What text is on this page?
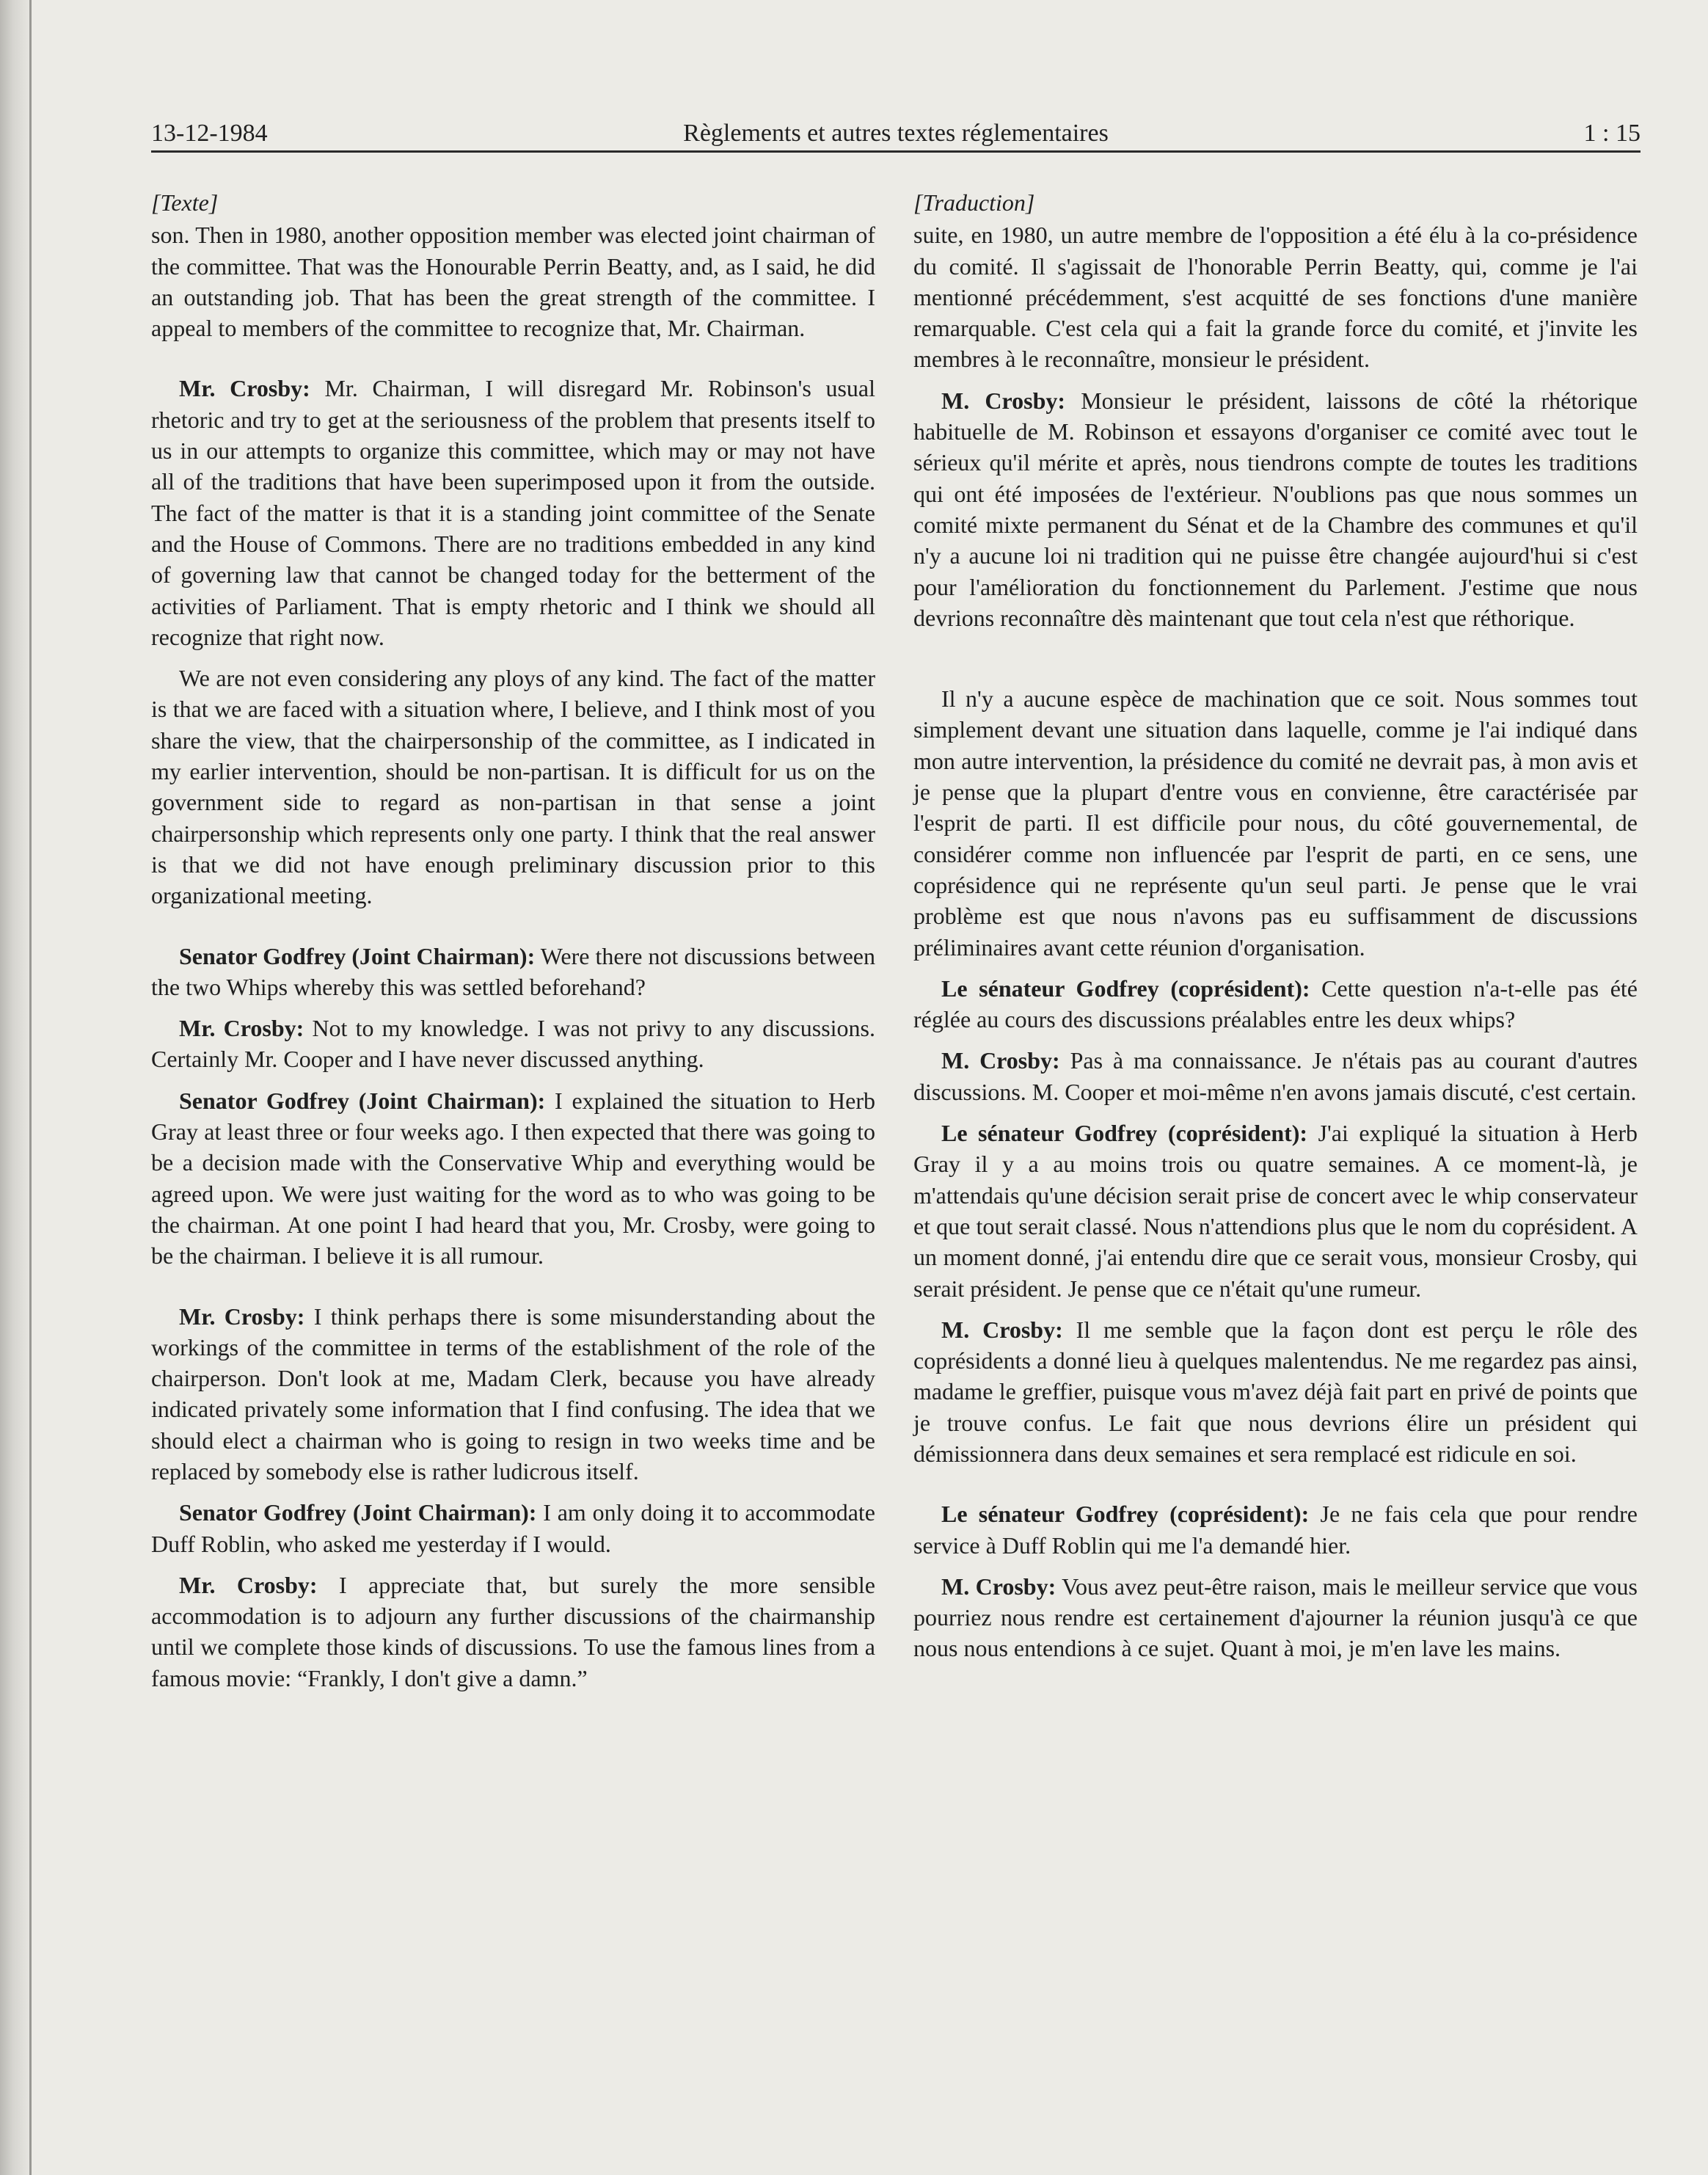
13-12-1984	Règlements et autres textes réglementaires	1 : 15
[Texte]

son. Then in 1980, another opposition member was elected joint chairman of the committee. That was the Honourable Perrin Beatty, and, as I said, he did an outstanding job. That has been the great strength of the committee. I appeal to members of the committee to recognize that, Mr. Chairman.

Mr. Crosby: Mr. Chairman, I will disregard Mr. Robinson's usual rhetoric and try to get at the seriousness of the problem that presents itself to us in our attempts to organize this committee, which may or may not have all of the traditions that have been superimposed upon it from the outside. The fact of the matter is that it is a standing joint committee of the Senate and the House of Commons. There are no traditions embedded in any kind of governing law that cannot be changed today for the betterment of the activities of Parliament. That is empty rhetoric and I think we should all recognize that right now.

We are not even considering any ploys of any kind. The fact of the matter is that we are faced with a situation where, I believe, and I think most of you share the view, that the chairpersonship of the committee, as I indicated in my earlier intervention, should be non-partisan. It is difficult for us on the government side to regard as non-partisan in that sense a joint chairpersonship which represents only one party. I think that the real answer is that we did not have enough preliminary discussion prior to this organizational meeting.

Senator Godfrey (Joint Chairman): Were there not discussions between the two Whips whereby this was settled beforehand?

Mr. Crosby: Not to my knowledge. I was not privy to any discussions. Certainly Mr. Cooper and I have never discussed anything.

Senator Godfrey (Joint Chairman): I explained the situation to Herb Gray at least three or four weeks ago. I then expected that there was going to be a decision made with the Conservative Whip and everything would be agreed upon. We were just waiting for the word as to who was going to be the chairman. At one point I had heard that you, Mr. Crosby, were going to be the chairman. I believe it is all rumour.

Mr. Crosby: I think perhaps there is some misunderstanding about the workings of the committee in terms of the establishment of the role of the chairperson. Don't look at me, Madam Clerk, because you have already indicated privately some information that I find confusing. The idea that we should elect a chairman who is going to resign in two weeks time and be replaced by somebody else is rather ludicrous itself.

Senator Godfrey (Joint Chairman): I am only doing it to accommodate Duff Roblin, who asked me yesterday if I would.

Mr. Crosby: I appreciate that, but surely the more sensible accommodation is to adjourn any further discussions of the chairmanship until we complete those kinds of discussions. To use the famous lines from a famous movie: “Frankly, I don't give a damn.”

[Traduction]

suite, en 1980, un autre membre de l'opposition a été élu à la co-présidence du comité. Il s'agissait de l'honorable Perrin Beatty, qui, comme je l'ai mentionné précédemment, s'est acquitté de ses fonctions d'une manière remarquable. C'est cela qui a fait la grande force du comité, et j'invite les membres à le reconnaître, monsieur le président.

M. Crosby: Monsieur le président, laissons de côté la rhétorique habituelle de M. Robinson et essayons d'organiser ce comité avec tout le sérieux qu'il mérite et après, nous tiendrons compte de toutes les traditions qui ont été imposées de l'extérieur. N'oublions pas que nous sommes un comité mixte permanent du Sénat et de la Chambre des communes et qu'il n'y a aucune loi ni tradition qui ne puisse être changée aujourd'hui si c'est pour l'amélioration du fonctionnement du Parlement. J'estime que nous devrions reconnaître dès maintenant que tout cela n'est que réthorique.

Il n'y a aucune espèce de machination que ce soit. Nous sommes tout simplement devant une situation dans laquelle, comme je l'ai indiqué dans mon autre intervention, la présidence du comité ne devrait pas, à mon avis et je pense que la plupart d'entre vous en convienne, être caractérisée par l'esprit de parti. Il est difficile pour nous, du côté gouvernemental, de considérer comme non influencée par l'esprit de parti, en ce sens, une coprésidence qui ne représente qu'un seul parti. Je pense que le vrai problème est que nous n'avons pas eu suffisamment de discussions préliminaires avant cette réunion d'organisation.

Le sénateur Godfrey (coprésident): Cette question n'a-t-elle pas été réglée au cours des discussions préalables entre les deux whips?

M. Crosby: Pas à ma connaissance. Je n'étais pas au courant d'autres discussions. M. Cooper et moi-même n'en avons jamais discuté, c'est certain.

Le sénateur Godfrey (coprésident): J'ai expliqué la situation à Herb Gray il y a au moins trois ou quatre semaines. A ce moment-là, je m'attendais qu'une décision serait prise de concert avec le whip conservateur et que tout serait classé. Nous n'attendions plus que le nom du coprésident. A un moment donné, j'ai entendu dire que ce serait vous, monsieur Crosby, qui serait président. Je pense que ce n'était qu'une rumeur.

M. Crosby: Il me semble que la façon dont est perçu le rôle des coprésidents a donné lieu à quelques malentendus. Ne me regardez pas ainsi, madame le greffier, puisque vous m'avez déjà fait part en privé de points que je trouve confus. Le fait que nous devrions élire un président qui démissionnera dans deux semaines et sera remplacé est ridicule en soi.

Le sénateur Godfrey (coprésident): Je ne fais cela que pour rendre service à Duff Roblin qui me l'a demandé hier.

M. Crosby: Vous avez peut-être raison, mais le meilleur service que vous pourriez nous rendre est certainement d'ajourner la réunion jusqu'à ce que nous nous entendions à ce sujet. Quant à moi, je m'en lave les mains.
